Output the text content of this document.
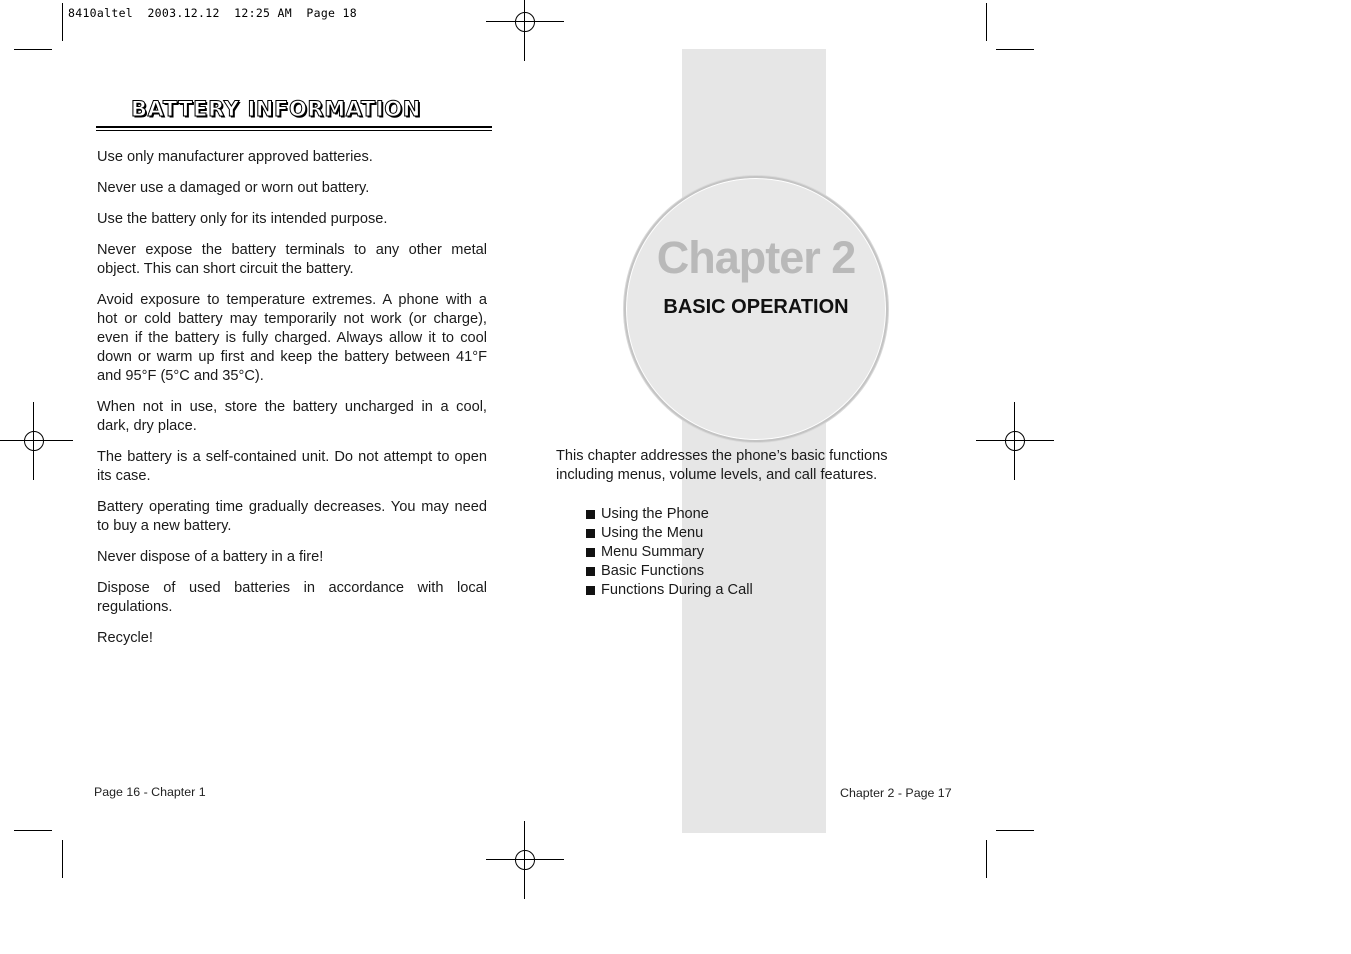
8410altel  2003.12.12  12:25 AM  Page 18
BATTERY INFORMATION

Use only manufacturer approved batteries.

Never use a damaged or worn out battery.

Use the battery only for its intended purpose.

Never expose the battery terminals to any other metal object. This can short circuit the battery.

Avoid exposure to temperature extremes. A phone with a hot or cold battery may temporarily not work (or charge), even if the battery is fully charged. Always allow it to cool down or warm up first and keep the battery between 41°F and 95°F (5°C and 35°C).

When not in use, store the battery uncharged in a cool, dark, dry place.

The battery is a self-contained unit. Do not attempt to open its case.

Battery operating time gradually decreases. You may need to buy a new battery.

Never dispose of a battery in a fire!

Dispose of used batteries in accordance with local regulations.

Recycle!

Page 16 - Chapter 1
Chapter 2
BASIC OPERATION
This chapter addresses the phone’s basic functions including menus, volume levels, and call features.
Using the Phone
Using the Menu
Menu Summary
Basic Functions
Functions During a Call
Chapter 2 - Page 17
